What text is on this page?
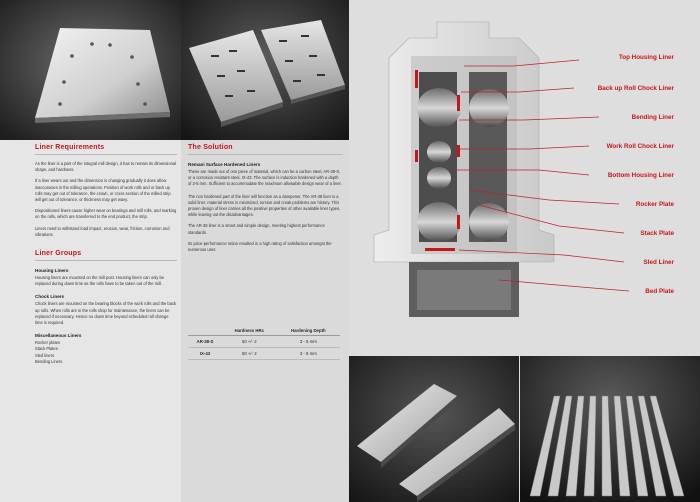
Top Housing Liner
Back up Roll Chock Liner
Bending Liner
Work Roll Chock Liner
Bottom Housing Liner
Rocker Plate
Stack Plate
Sled Liner
Bed Plate
Liner Requirements

As the liner is a part of the integral mill design, it has to remain its dimensional shape, and hardness.

If a liner wears out and the dimension is changing gradually it does allow inaccuracies in the milling operations. Position of work rolls and or back up rolls may get out of tolerance, the crown, or cross section of the milled strip will get out of tolerance, or thickness may get wavy.

Dispositioned liners cause higher wear on bearings and mill rolls, and marking on the rolls, which are transferred to the end product, the strip.

Liners need to withstand load impact, erosion, wear, friction, corrosion and vibrations.

Liner Groups
Housing Liners

Housing liners are mounted on the mill post. Housing liners can only be replaced during down time as the rolls have to be taken out of the mill.

Chock Liners

Chock liners are mounted on the bearing blocks of the work rolls and the back up rolls. When rolls are in the rolls shop for maintenance, the liners can be replaced if necessary. Hence no down time beyond scheduled roll change time is required.

Miscellaneous Liners
Rocker plates
Stack Plates
Sled liners
Bending Liners
The Solution
Remani Surface Hardened Liners

These are made out of one piece of material, which can be a carbon steel, AR-38-S, or a corrosion resistant steel, IX-43. The surface is induction hardened with a depth of 3-5 mm. Sufficient to accommodate the maximum allowable design wear of a liner.

The non hardened part of the liner will function as a dampener. The AR-38 liner is a solid liner, material stress is minimized, torsion and creak problems are history. This proven design of liner carries all the positive properties of other available liner types, while leaving out the disadvantages.

The AR-38 liner is a smart and simple design, meeting highest performance standards.

Its price-performance ration resulted in a high rating of satisfaction amongst the numerous user.

	Hardness HRc	Hardening Depth
AR-38-S	50 +/- 2	3 - 5 mm
IX-43	50 +/- 2	3 - 5 mm
